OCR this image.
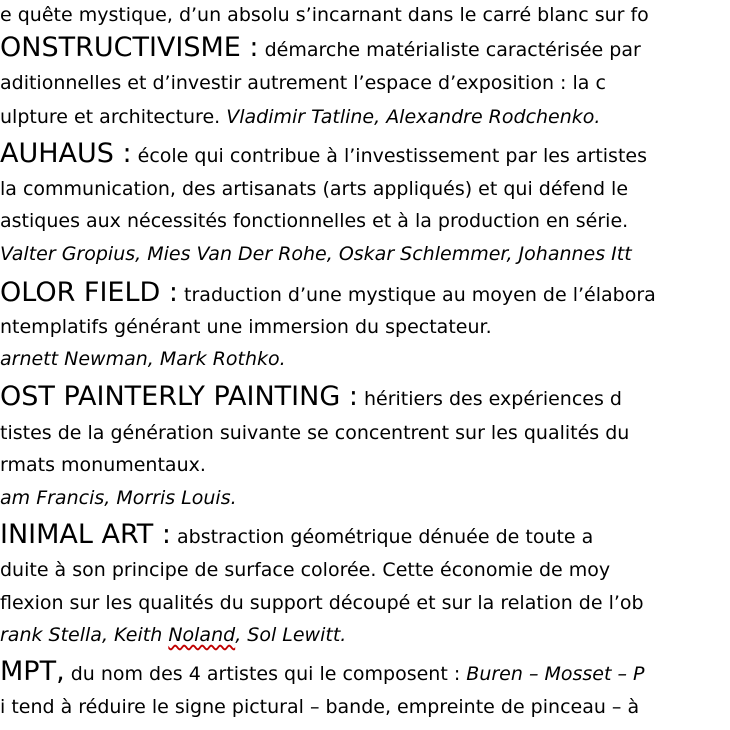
e quête mystique, d’un absolu s’incarnant dans le carré blanc sur fo
ONSTRUCTIVISME : démarche matérialiste caractérisée par
aditionnelles et d’investir autrement l’espace d’exposition : la c
ulpture et architecture. Vladimir Tatline, Alexandre Rodchenko.
AUHAUS : école qui contribue à l’investissement par les artistes
la communication, des artisanats (arts appliqués) et qui défend le
astiques aux nécessités fonctionnelles et à la production en série.
Valter Gropius, Mies Van Der Rohe, Oskar Schlemmer, Johannes Itt
OLOR FIELD : traduction d’une mystique au moyen de l’élabora
ntemplatifs générant une immersion du spectateur.
arnett Newman, Mark Rothko.
OST PAINTERLY PAINTING : héritiers des expériences d
tistes de la génération suivante se concentrent sur les qualités du
rmats monumentaux.
am Francis, Morris Louis.
INIMAL ART : abstraction géométrique dénuée de toute a
duite à son principe de surface colorée. Cette économie de moy
flexion sur les qualités du support découpé et sur la relation de l’ob
rank Stella, Keith Noland, Sol Lewitt.
MPT, du nom des 4 artistes qui le composent : Buren – Mosset – P
i tend à réduire le signe pictural – bande, empreinte de pinceau – à
